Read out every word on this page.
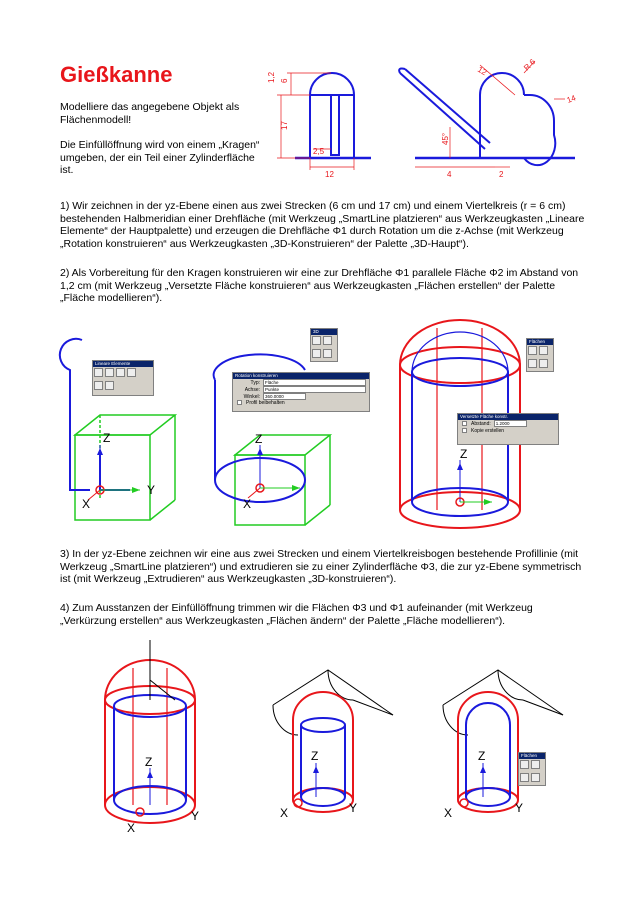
Gießkanne

Modelliere das angegebene Objekt als Flächenmodell!

Die Einfüllöffnung wird von einem „Kragen“ umgeben, der ein Teil einer Zylinderfläche ist.

1,2 6
17
2,5
12
12	R 6
14
45°
4	2
1) Wir zeichnen in der yz-Ebene einen aus zwei Strecken (6 cm und 17 cm) und einem Viertelkreis (r = 6 cm) bestehenden Halbmeridian einer Drehfläche (mit Werkzeug „SmartLine platzieren“ aus Werkzeugkasten „Lineare Elemente“ der Hauptpalette) und erzeugen die Drehfläche Φ1 durch Rotation um die z-Achse (mit Werkzeug „Rotation konstruieren“ aus Werkzeugkasten „3D-Konstruieren“ der Palette „3D-Haupt“).
2) Als Vorbereitung für den Kragen konstruieren wir eine zur Drehfläche Φ1 parallele Fläche Φ2 im Abstand von 1,2 cm (mit Werkzeug „Versetzte Fläche konstruieren“ aus Werkzeugkasten „Flächen erstellen“ der Palette „Fläche modellieren“).
Z
Y
X
Lineare Elemente
Z
X
3D
Rotation konstruieren
Typ:	Fläche
Achse:	Punkte
Winkel:	360.0000
Profil beibehalten
Z
Flächen
Versetzte Fläche konstr.
Abstand:	1.2000
Kopie erstellen
3) In der yz-Ebene zeichnen wir eine aus zwei Strecken und einem Viertelkreisbogen bestehende Profillinie (mit Werkzeug „SmartLine platzieren“) und extrudieren sie zu einer Zylinderfläche Φ3, die zur yz-Ebene symmetrisch ist (mit Werkzeug „Extrudieren“ aus Werkzeugkasten „3D-konstruieren“).
4) Zum Ausstanzen der Einfüllöffnung trimmen wir die Flächen Φ3 und Φ1 aufeinander (mit Werkzeug „Verkürzung erstellen“ aus Werkzeugkasten „Flächen ändern“ der Palette „Fläche modellieren“).
Z
Y
X
Z
Y
X
Z
Y
X
Flächen
